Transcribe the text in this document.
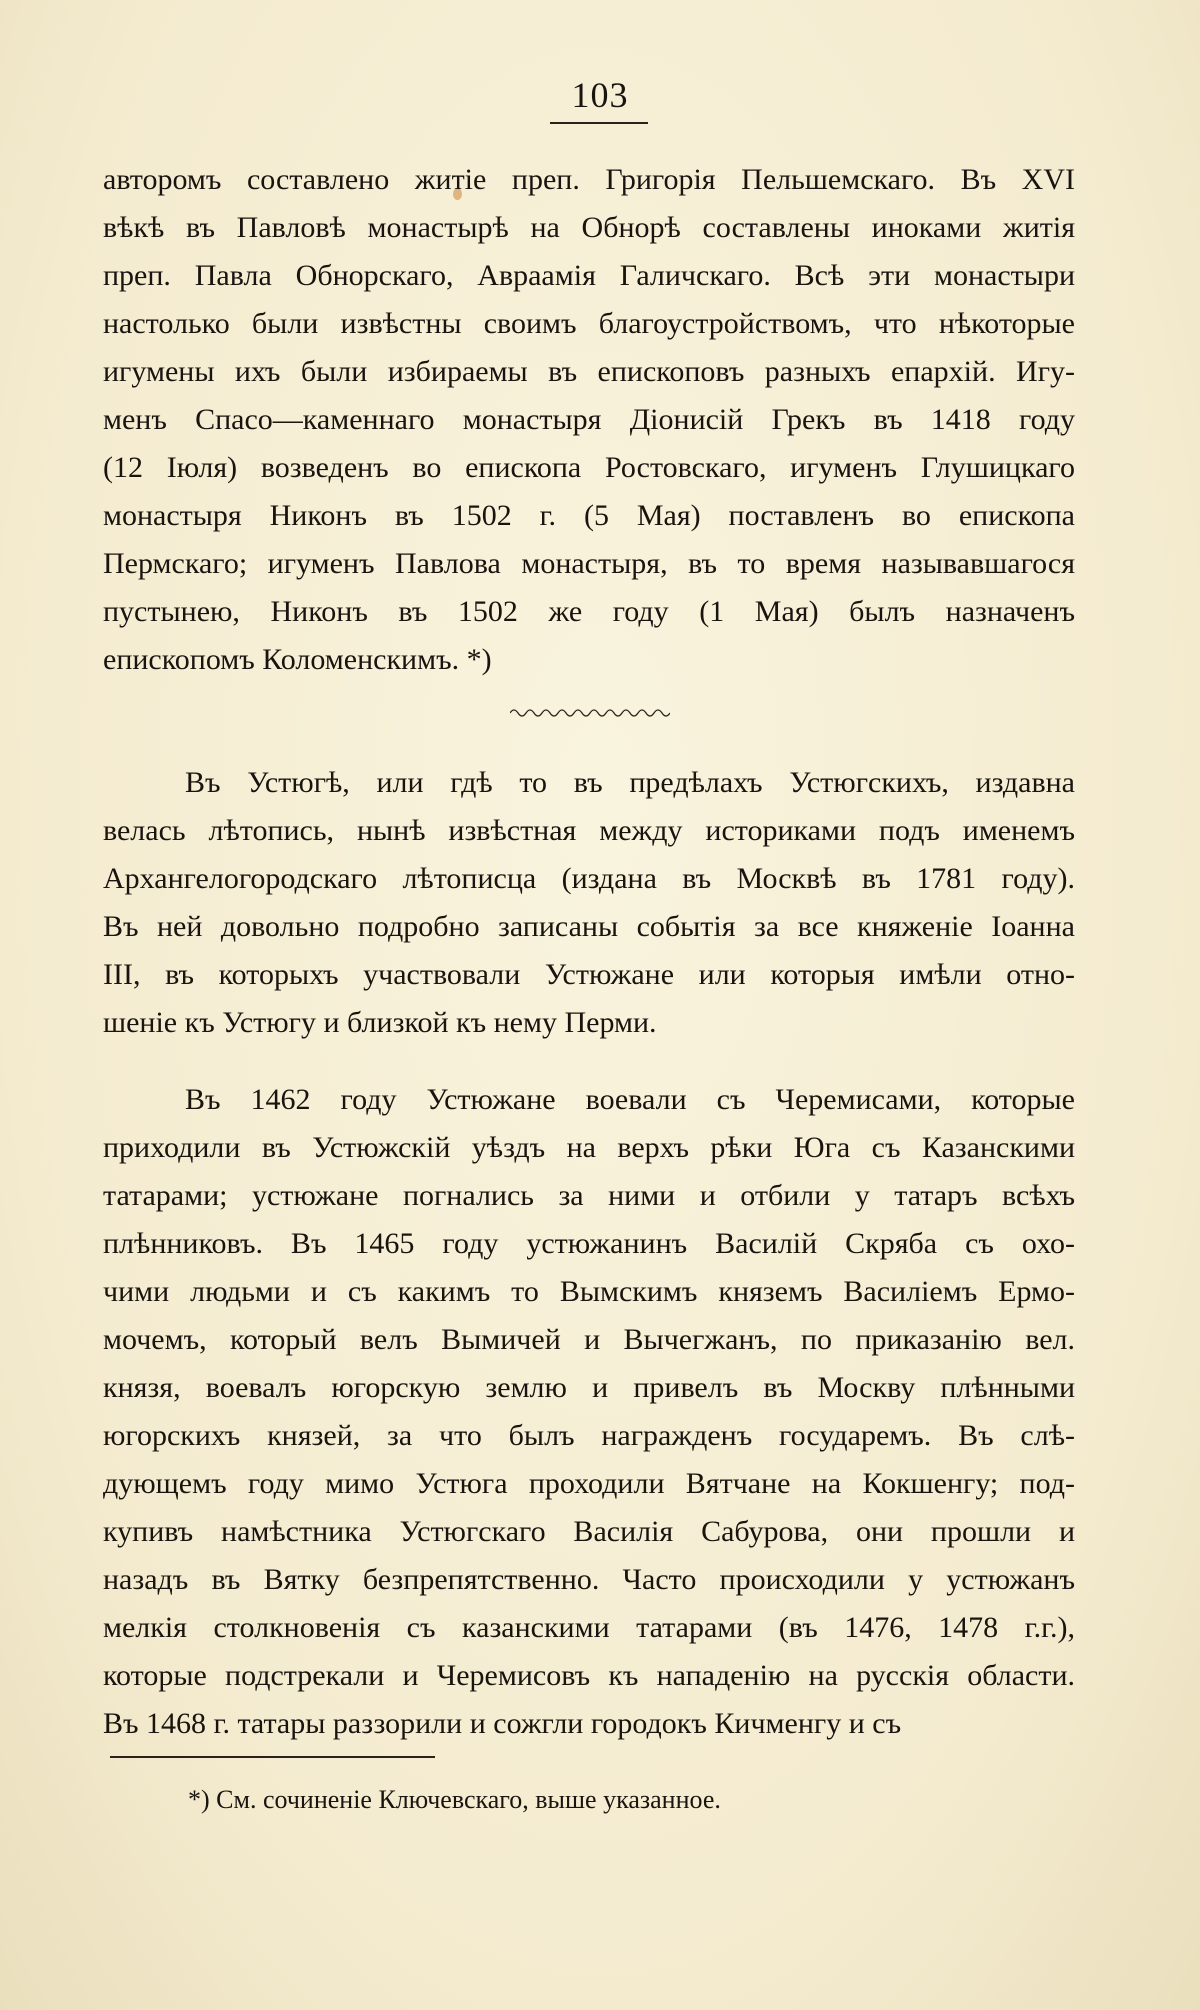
103
авторомъ составлено житіе преп. Григорія Пельшемскаго. Въ XVI
вѣкѣ въ Павловѣ монастырѣ на Обнорѣ составлены иноками житія
преп. Павла Обнорскаго, Авраамія Галичскаго. Всѣ эти монастыри
настолько были извѣстны своимъ благоустройствомъ, что нѣкоторые
игумены ихъ были избираемы въ епископовъ разныхъ епархій. Игу-
менъ Спасо—каменнаго монастыря Діонисій Грекъ въ 1418 году
(12 Іюля) возведенъ во епископа Ростовскаго, игуменъ Глушицкаго
монастыря Никонъ въ 1502 г. (5 Мая) поставленъ во епископа
Пермскаго; игуменъ Павлова монастыря, въ то время называвшагося
пустынею, Никонъ въ 1502 же году (1 Мая) былъ назначенъ
епископомъ Коломенскимъ. *)
Въ Устюгѣ, или гдѣ то въ предѣлахъ Устюгскихъ, издавна
велась лѣтопись, нынѣ извѣстная между историками подъ именемъ
Архангелогородскаго лѣтописца (издана въ Москвѣ въ 1781 году).
Въ ней довольно подробно записаны событія за все княженіе Іоанна
III, въ которыхъ участвовали Устюжане или которыя имѣли отно-
шеніе къ Устюгу и близкой къ нему Перми.
Въ 1462 году Устюжане воевали съ Черемисами, которые
приходили въ Устюжскій уѣздъ на верхъ рѣки Юга съ Казанскими
татарами; устюжане погнались за ними и отбили у татаръ всѣхъ
плѣнниковъ. Въ 1465 году устюжанинъ Василій Скряба съ охо-
чими людьми и съ какимъ то Вымскимъ княземъ Василіемъ Ермо-
мочемъ, который велъ Вымичей и Вычегжанъ, по приказанію вел.
князя, воевалъ югорскую землю и привелъ въ Москву плѣнными
югорскихъ князей, за что былъ награжденъ государемъ. Въ слѣ-
дующемъ году мимо Устюга проходили Вятчане на Кокшенгу; под-
купивъ намѣстника Устюгскаго Василія Сабурова, они прошли и
назадъ въ Вятку безпрепятственно. Часто происходили у устюжанъ
мелкія столкновенія съ казанскими татарами (въ 1476, 1478 г.г.),
которые подстрекали и Черемисовъ къ нападенію на русскія области.
Въ 1468 г. татары раззорили и сожгли городокъ Кичменгу и съ
*) См. сочиненіе Ключевскаго, выше указанное.
